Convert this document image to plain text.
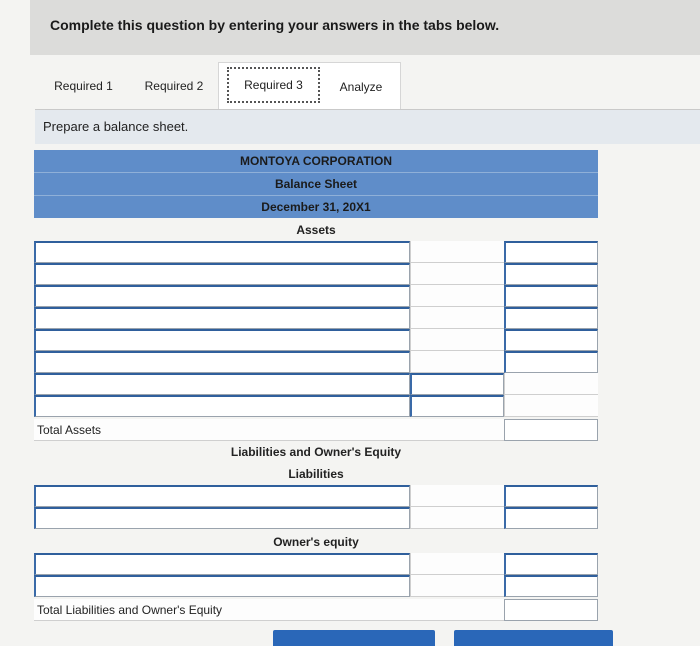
Complete this question by entering your answers in the tabs below.
Required 1	Required 2	Required 3	Analyze
Prepare a balance sheet.
MONTOYA CORPORATION
Balance Sheet
December 31, 20X1
Assets
Total Assets
Liabilities and Owner's Equity
Liabilities
Owner's equity
Total Liabilities and Owner's Equity
